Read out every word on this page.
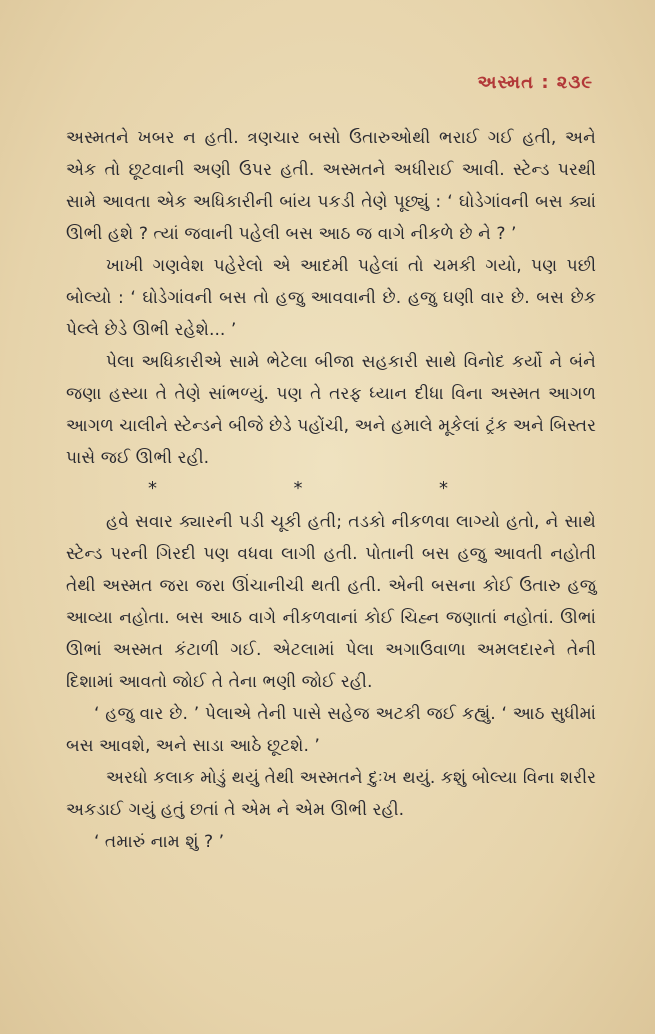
અસ્મત : ૨૩૯

અસ્મતને ખબર ન હતી. ત્રણચાર બસો ઉતારુઓથી ભરાઈ ગઈ હતી, અને એક તો છૂટવાની અણી ઉપર હતી. અસ્મતને અધીરાઈ આવી. સ્ટેન્ડ પરથી સામે આવતા એક અધિકારીની બાંય પકડી તેણે પૂછ્યું : ‘ ઘોડેગાંવની બસ ક્યાં ઊભી હશે ? ત્યાં જવાની પહેલી બસ આઠ જ વાગે નીકળે છે ને ? ’

ખાખી ગણવેશ પહેરેલો એ આદમી પહેલાં તો ચમકી ગયો, પણ પછી બોલ્યો : ‘ ઘોડેગાંવની બસ તો હજુ આવવાની છે. હજુ ઘણી વાર છે. બસ છેક પેલ્લે છેડે ઊભી રહેશે... ’

પેલા અધિકારીએ સામે ભેટેલા બીજા સહકારી સાથે વિનોદ કર્યો ને બંને જણા હસ્યા તે તેણે સાંભળ્યું. પણ તે તરફ ધ્યાન દીધા વિના અસ્મત આગળ આગળ ચાલીને સ્ટેન્ડને બીજે છેડે પહોંચી, અને હમાલે મૂકેલાં ટ્રંક અને બિસ્તર પાસે જઈ ઊભી રહી.

*	*	*

હવે સવાર ક્યારની પડી ચૂકી હતી; તડકો નીકળવા લાગ્યો હતો, ને સાથે સ્ટેન્ડ પરની ગિરદી પણ વધવા લાગી હતી. પોતાની બસ હજુ આવતી નહોતી તેથી અસ્મત જરા જરા ઊંચાનીચી થતી હતી. એની બસના કોઈ ઉતારુ હજુ આવ્યા નહોતા. બસ આઠ વાગે નીકળવાનાં કોઈ ચિહ્ન જણાતાં નહોતાં. ઊભાં ઊભાં અસ્મત કંટાળી ગઈ. એટલામાં પેલા અગાઉવાળા અમલદારને તેની દિશામાં આવતો જોઈ તે તેના ભણી જોઈ રહી.

‘ હજુ વાર છે. ’ પેલાએ તેની પાસે સહેજ અટકી જઈ કહ્યું. ‘ આઠ સુધીમાં બસ આવશે, અને સાડા આઠે છૂટશે. ’

અરધો કલાક મોડું થયું તેથી અસ્મતને દુઃખ થયું. કશું બોલ્યા વિના શરીર અકડાઈ ગયું હતું છતાં તે એમ ને એમ ઊભી રહી.

‘ તમારું નામ શું ? ’
